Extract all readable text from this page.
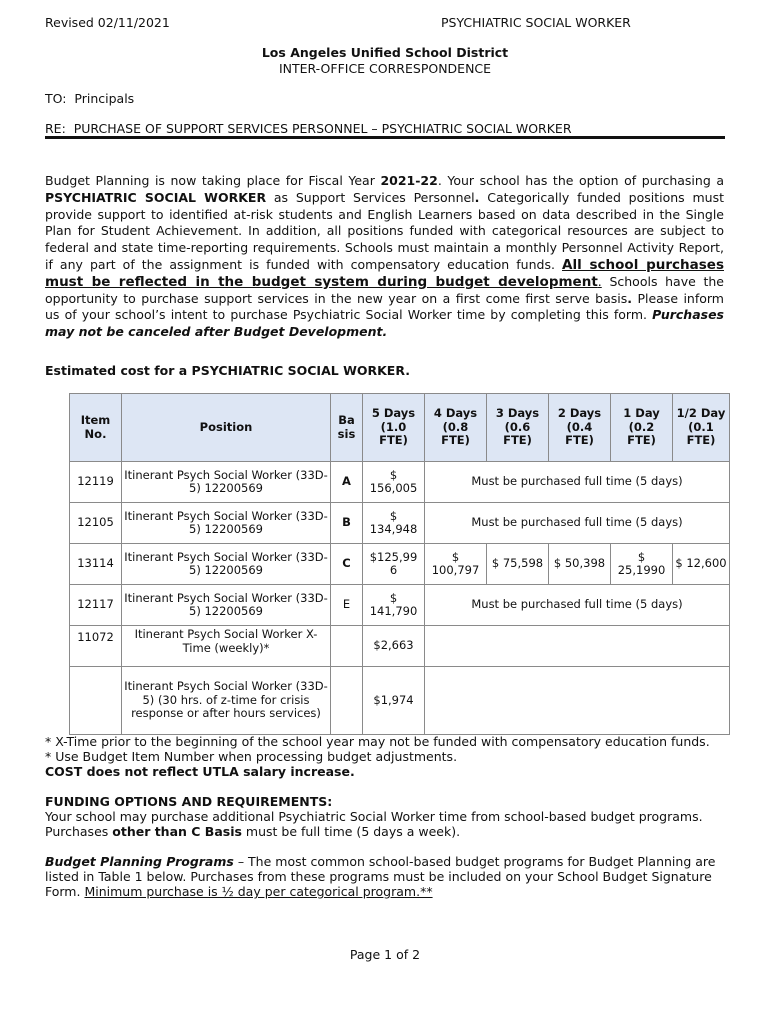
Revised 02/11/2021	PSYCHIATRIC SOCIAL WORKER
Los Angeles Unified School District
INTER-OFFICE CORRESPONDENCE
TO: Principals
RE: PURCHASE OF SUPPORT SERVICES PERSONNEL – PSYCHIATRIC SOCIAL WORKER
Budget Planning is now taking place for Fiscal Year 2021-22. Your school has the option of purchasing a
PSYCHIATRIC SOCIAL WORKER as Support Services Personnel. Categorically funded positions must
provide support to identified at-risk students and English Learners based on data described in the Single
Plan for Student Achievement. In addition, all positions funded with categorical resources are subject to
federal and state time-reporting requirements. Schools must maintain a monthly Personnel Activity Report,
if any part of the assignment is funded with compensatory education funds. All school purchases
must be reflected in the budget system during budget development. Schools have the
opportunity to purchase support services in the new year on a first come first serve basis. Please inform
us of your school’s intent to purchase Psychiatric Social Worker time by completing this form. Purchases
may not be canceled after Budget Development.
Estimated cost for a PSYCHIATRIC SOCIAL WORKER.
Item No.	Position	Ba sis	5 Days (1.0 FTE)	4 Days (0.8 FTE)	3 Days (0.6 FTE)	2 Days (0.4 FTE)	1 Day (0.2 FTE)	1/2 Day (0.1 FTE)
12119	Itinerant Psych Social Worker (33D-5) 12200569	A	$ 156,005	Must be purchased full time (5 days)				
12105	Itinerant Psych Social Worker (33D-5) 12200569	B	$ 134,948	Must be purchased full time (5 days)				
13114	Itinerant Psych Social Worker (33D-5) 12200569	C	$125,99 6	$ 100,797	$ 75,598	$ 50,398	$ 25,1990	$ 12,600
12117	Itinerant Psych Social Worker (33D-5) 12200569	E	$ 141,790	Must be purchased full time (5 days)				
11072	Itinerant Psych Social Worker X-Time (weekly)*		$2,663					
	Itinerant Psych Social Worker (33D-5) (30 hrs. of z-time for crisis response or after hours services)		$1,974					
* X-Time prior to the beginning of the school year may not be funded with compensatory education funds.
* Use Budget Item Number when processing budget adjustments.
COST does not reflect UTLA salary increase.
FUNDING OPTIONS AND REQUIREMENTS:
Your school may purchase additional Psychiatric Social Worker time from school-based budget programs.
Purchases other than C Basis must be full time (5 days a week).
Budget Planning Programs – The most common school-based budget programs for Budget Planning are
listed in Table 1 below. Purchases from these programs must be included on your School Budget Signature
Form. Minimum purchase is ½ day per categorical program.**
Page 1 of 2
